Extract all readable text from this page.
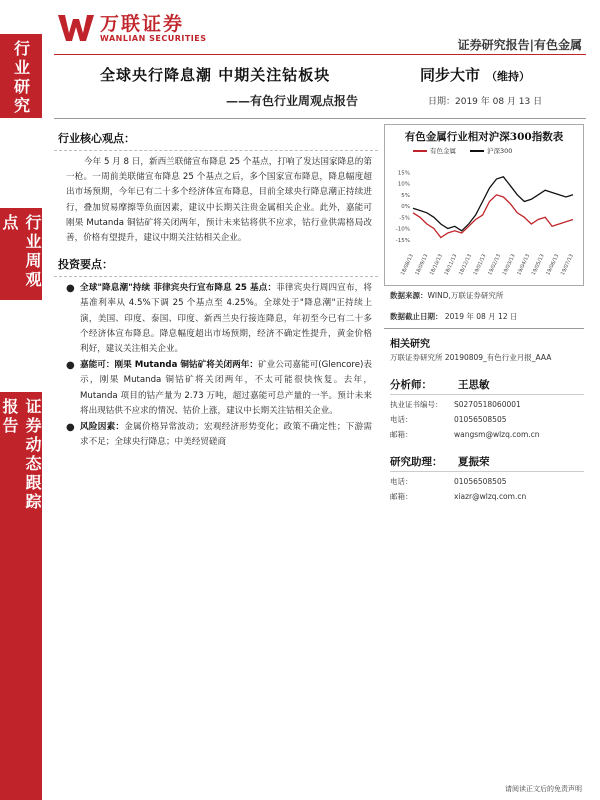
行业研究
行业周观点
证券动态跟踪报告
万联证券
WANLIAN SECURITIES	证券研究报告|有色金属
全球央行降息潮 中期关注钴板块
——有色行业周观点报告
同步大市 （维持）
日期：2019 年 08 月 13 日
行业核心观点：

今年 5 月 8 日，新西兰联储宣布降息 25 个基点，打响了发达国家降息的第一枪。一周前美联储宣布降息 25 个基点之后，多个国家宣布降息，降息幅度超出市场预期，今年已有二十多个经济体宣布降息，目前全球央行降息潮正持续进行，叠加贸易摩擦等负面因素，建议中长期关注贵金属相关企业。此外，嘉能可刚果 Mutanda 铜钴矿将关闭两年，预计未来钴将供不应求，钴行业供需格局改善，价格有望提升，建议中期关注钴相关企业。

投资要点：
● 全球"降息潮"持续 菲律宾央行宣布降息 25 基点：菲律宾央行周四宣布，将基准利率从 4.5%下调 25 个基点至 4.25%。全球处于"降息潮"正持续上演，美国、印度、泰国、印度、新西兰央行接连降息，年初至今已有二十多个经济体宣布降息。降息幅度超出市场预期，经济不确定性提升，黄金价格利好，建议关注相关企业。
● 嘉能可：刚果 Mutanda 铜钴矿将关闭两年：矿业公司嘉能可(Glencore)表示，刚果 Mutanda 铜钴矿将关闭两年，不太可能很快恢复。去年，Mutanda 项目的钴产量为 2.73 万吨，超过嘉能可总产量的一半。预计未来将出现钴供不应求的情况、钴价上涨，建议中长期关注钴相关企业。
● 风险因素：金属价格异常波动；宏观经济形势变化；政策不确定性；下游需求不足；全球央行降息；中美经贸磋商
有色金属行业相对沪深300指数表
有色金属	沪深300
15%
10%
5%
0%
-5%
-10%
-15%
18/08/13 18/09/13 18/10/13 18/11/13 18/12/13 19/01/13 19/02/13 19/03/13 19/04/13 19/05/13 19/06/13 19/07/13
数据来源：WIND,万联证券研究所
数据截止日期： 2019 年 08 月 12 日
相关研究
万联证券研究所 20190809_有色行业月报_AAA
分析师：	王思敏
执业证书编号：	S0270518060001
电话：	01056508505
邮箱：	wangsm@wlzq.com.cn
研究助理：	夏振荣
电话：	01056508505
邮箱：	xiazr@wlzq.com.cn
请阅读正文后的免责声明
